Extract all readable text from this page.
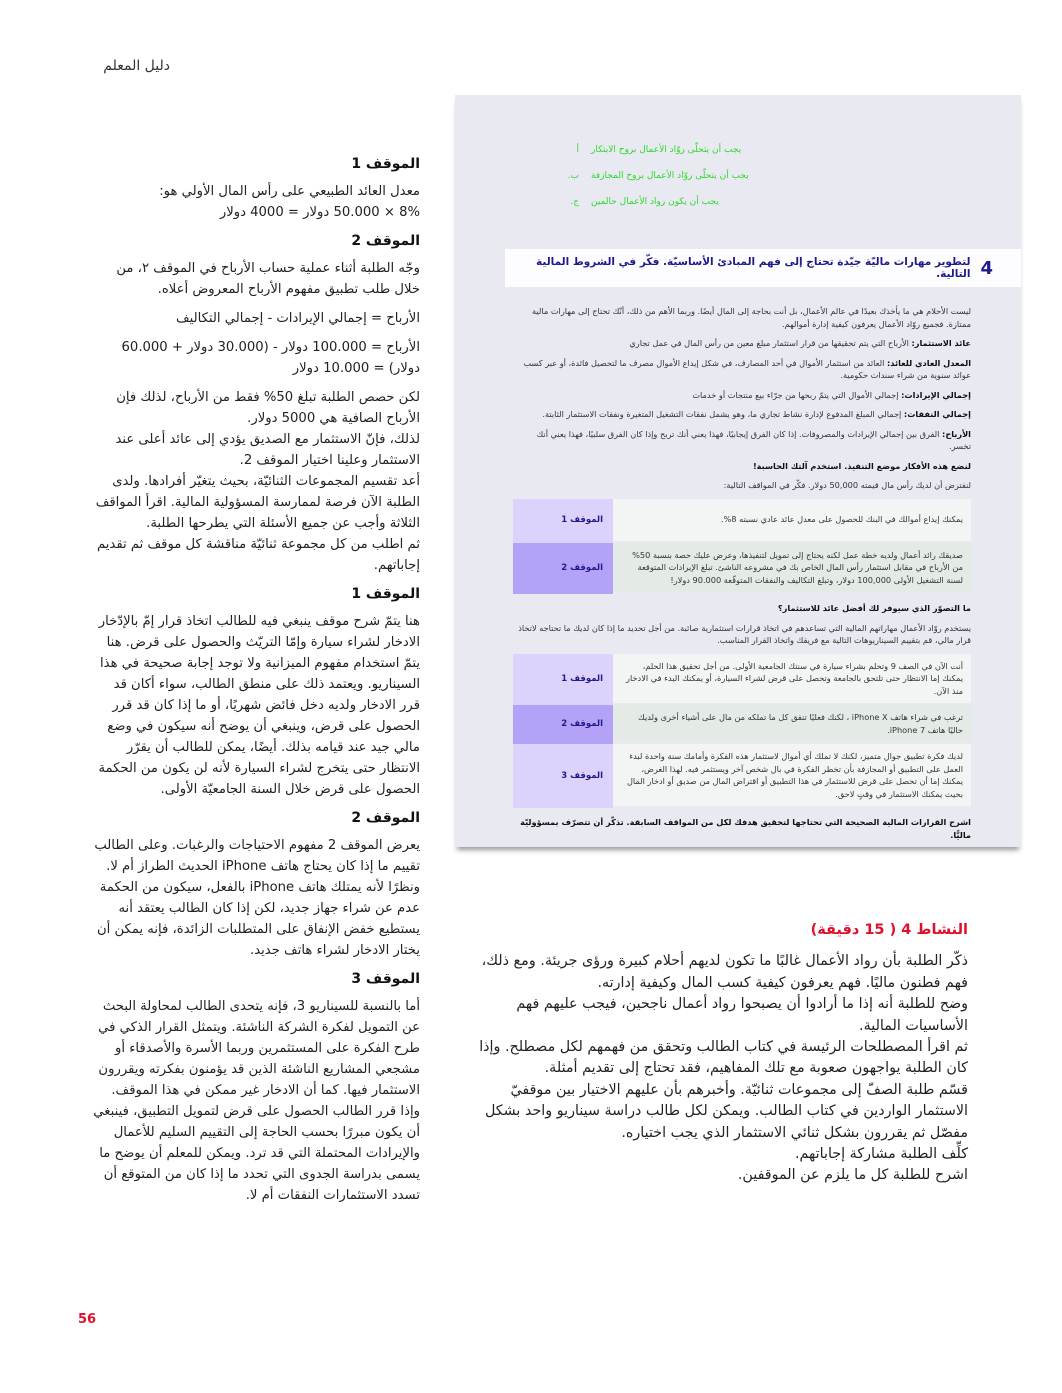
دليل المعلم
56
الموقف 1

معدل العائد الطبيعي على رأس المال الأولي هو:

8% × 50.000 دولار = 4000 دولار

الموقف 2

وجّه الطلبة أثناء عملية حساب الأرباح في الموقف ٢، من خلال طلب تطبيق مفهوم الأرباح المعروض أعلاه.

الأرباح = إجمالي الإيرادات - إجمالي التكاليف

الأرباح = 100.000 دولار - (30.000 دولار + 60.000 دولار) = 10.000 دولار

لكن حصص الطلبة تبلغ 50% فقط من الأرباح، لذلك فإن الأرباح الصافية هي 5000 دولار.

لذلك، فإنّ الاستثمار مع الصديق يؤدي إلى عائد أعلى عند الاستثمار وعلينا اختيار الموقف 2.

أعد تقسيم المجموعات الثنائيّة، بحيث يتغيّر أفرادها. ولدى الطلبة الآن فرصة لممارسة المسؤولية المالية. اقرأ المواقف الثلاثة وأجب عن جميع الأسئلة التي يطرحها الطلبة.

ثم اطلب من كل مجموعة ثنائيّة مناقشة كل موقف ثم تقديم إجاباتهم.

الموقف 1

هنا يتمّ شرح موقف ينبغي فيه للطالب اتخاذ قرار إمّ بالإدّخار الادخار لشراء سيارة وإمّا التريّث والحصول على قرض. هنا يتمّ استخدام مفهوم الميزانية ولا توجد إجابة صحيحة في هذا السيناريو. ويعتمد ذلك على منطق الطالب، سواء أكان قد قرر الادخار ولديه دخل فائض شهريًا، أو ما إذا كان قد قرر الحصول على قرض، وينبغي أن يوضح أنه سيكون في وضع مالي جيد عند قيامه بذلك. أيضًا، يمكن للطالب أن يقرّر الانتظار حتى يتخرج لشراء السيارة لأنه لن يكون من الحكمة الحصول على قرض خلال السنة الجامعيّة الأولى.

الموقف 2

يعرض الموقف 2 مفهوم الاحتياجات والرغبات. وعلى الطالب تقييم ما إذا كان يحتاج هاتف iPhone الحديث الطراز أم لا. ونظرًا لأنه يمتلك هاتف iPhone بالفعل، سيكون من الحكمة عدم عن شراء جهاز جديد، لكن إذا كان الطالب يعتقد أنه يستطيع خفض الإنفاق على المتطلبات الزائدة، فإنه يمكن أن يختار الادخار لشراء هاتف جديد.

الموقف 3

أما بالنسبة للسيناريو 3، فإنه يتحدى الطالب لمحاولة البحث عن التمويل لفكرة الشركة الناشئة. ويتمثل القرار الذكي في طرح الفكرة على المستثمرين وربما الأسرة والأصدقاء أو مشجعي المشاريع الناشئة الذين قد يؤمنون بفكرته ويقررون الاستثمار فيها. كما أن الادخار غير ممكن في هذا الموقف.

وإذا قرر الطالب الحصول على قرض لتمويل التطبيق، فينبغي أن يكون مبررًا بحسب الحاجة إلى التقييم السليم للأعمال والإيرادات المحتملة التي قد ترد. ويمكن للمعلم أن يوضح ما يسمى بدراسة الجدوى التي تحدد ما إذا كان من المتوقع أن تسدد الاستثمارات النفقات أم لا.

أ يجب أن يتحلّى روّاد الأعمال بروح الابتكار
ب. يجب أن يتحلّى روّاد الأعمال بروح المجازفة
ج. يجب أن يكون رواد الأعمال حالمين
4
لتطوير مهارات ماليّة جيّدة تحتاج إلى فهم المبادئ الأساسيّة. فكّر في الشروط المالية التالية.

ليست الأحلام هي ما يأخذك بعيدًا في عالم الأعمال، بل أنت بحاجة إلى المال أيضًا. وربما الأهم من ذلك، أنّك تحتاج إلى مهارات مالية ممتازة. فجميع روّاد الأعمال يعرفون كيفية إدارة أموالهم.

عائد الاستثمار: الأرباح التي يتم تحقيقها من قرار استثمار مبلغ معين من رأس المال في عمل تجاري

المعدل العادي للعائد: العائد من استثمار الأموال في أحد المصارف، في شكل إيداع الأموال مصرف ما لتحصيل فائدة، أو عبر كسب عوائد سنوية من شراء سندات حكومية.

إجمالي الإيرادات: إجمالي الأموال التي يتمّ ربحها من جرّاء بيع منتجات أو خدمات

إجمالي النفقات: إجمالي المبلغ المدفوع لإدارة نشاط تجاري ما، وهو يشمل نفقات التشغيل المتغيرة ونفقات الاستثمار الثابتة.

الأرباح: الفرق بين إجمالي الإيرادات والمصروفات. إذا كان الفرق إيجابيًا، فهذا يعني أنك تربح وإذا كان الفرق سلبيًا، فهذا يعني أنك تخسر.

لنضع هذه الأفكار موضع التنفيذ. استخدم آلتك الحاسبة!

لنفترض أن لديك رأس مال قيمته 50,000 دولار. فكّر في المواقف التالية:

الموقف 1	يمكنك إيداع أموالك في البنك للحصول على معدل عائد عادي نسبته 8%.
الموقف 2
صديقك رائد أعمال ولديه خطة عمل لكنه يحتاج إلى تمويل لتنفيذها، وعرض عليك حصة بنسبة 50% من الأرباح في مقابل استثمار رأس المال الخاص بك في مشروعه الناشئ. تبلغ الإيرادات المتوقعة لسنة التشغيل الأولى 100,000 دولار، وتبلغ التكاليف والنفقات المتوقّعة 90.000 دولار!

ما التصوّر الذي سيوفر لك أفضل عائد للاستثمار؟

يستخدم روّاد الأعمال مهاراتهم المالية التي تساعدهم في اتخاذ قرارات استثمارية صائبة. من أجل تحديد ما إذا كان لديك ما تحتاجه لاتخاذ قرار مالي، قم بتقييم السيناريوهات التالية مع فريقك واتخاذ القرار المناسب.

الموقف 1
أنت الآن في الصف 9 وتحلم بشراء سيارة في سنتك الجامعية الأولى. من أجل تحقيق هذا الحلم، يمكنك إما الانتظار حتى تلتحق بالجامعة وتحصل على قرض لشراء السيارة، أو يمكنك البدء في الادخار منذ الآن.
الموقف 2
ترغب في شراء هاتف iPhone X ، لكنك فعليًا تنفق كل ما تملكه من مال على أشياء أخرى ولديك حاليًا هاتف iPhone 7.
الموقف 3
لديك فكرة تطبيق جوال متميز، لكنك لا تملك أي أموال لاستثمار هذه الفكرة وأمامك سنة واحدة لبدء العمل على التطبيق أو المجازفة بأن تخطر الفكرة في بال شخص آخر ويستثمر فيه. لهذا الغرض، يمكنك إما أن تحصل على قرض للاستثمار في هذا التطبيق أو اقتراض المال من صديق أو ادخار المال بحيث يمكنك الاستثمار في وقتٍ لاحق.

اشرح القرارات المالية الصحيحة التي تحتاجها لتحقيق هدفك لكل من المواقف السابقة. تذكّر أن تتصرّف بمسؤوليّة ماليًّا.

النشاط 4 ( 15 دقيقة)

ذكّر الطلبة بأن رواد الأعمال غالبًا ما تكون لديهم أحلام كبيرة ورؤى جريئة. ومع ذلك، فهم فطنون ماليًا. فهم يعرفون كيفية كسب المال وكيفية إدارته.

وضح للطلبة أنه إذا ما أرادوا أن يصبحوا رواد أعمال ناجحين، فيجب عليهم فهم الأساسيات المالية.

ثم اقرأ المصطلحات الرئيسة في كتاب الطالب وتحقق من فهمهم لكل مصطلح. وإذا كان الطلبة يواجهون صعوبة مع تلك المفاهيم، فقد تحتاج إلى تقديم أمثلة.

قسّم طلبة الصفّ إلى مجموعات ثنائيّة. وأخبرهم بأن عليهم الاختيار بين موقفيّ الاستثمار الواردين في كتاب الطالب. ويمكن لكل طالب دراسة سيناريو واحد بشكل مفصّل ثم يقررون بشكل ثنائي الاستثمار الذي يجب اختياره.

كلِّف الطلبة مشاركة إجاباتهم.

اشرح للطلبة كل ما يلزم عن الموقفين.
